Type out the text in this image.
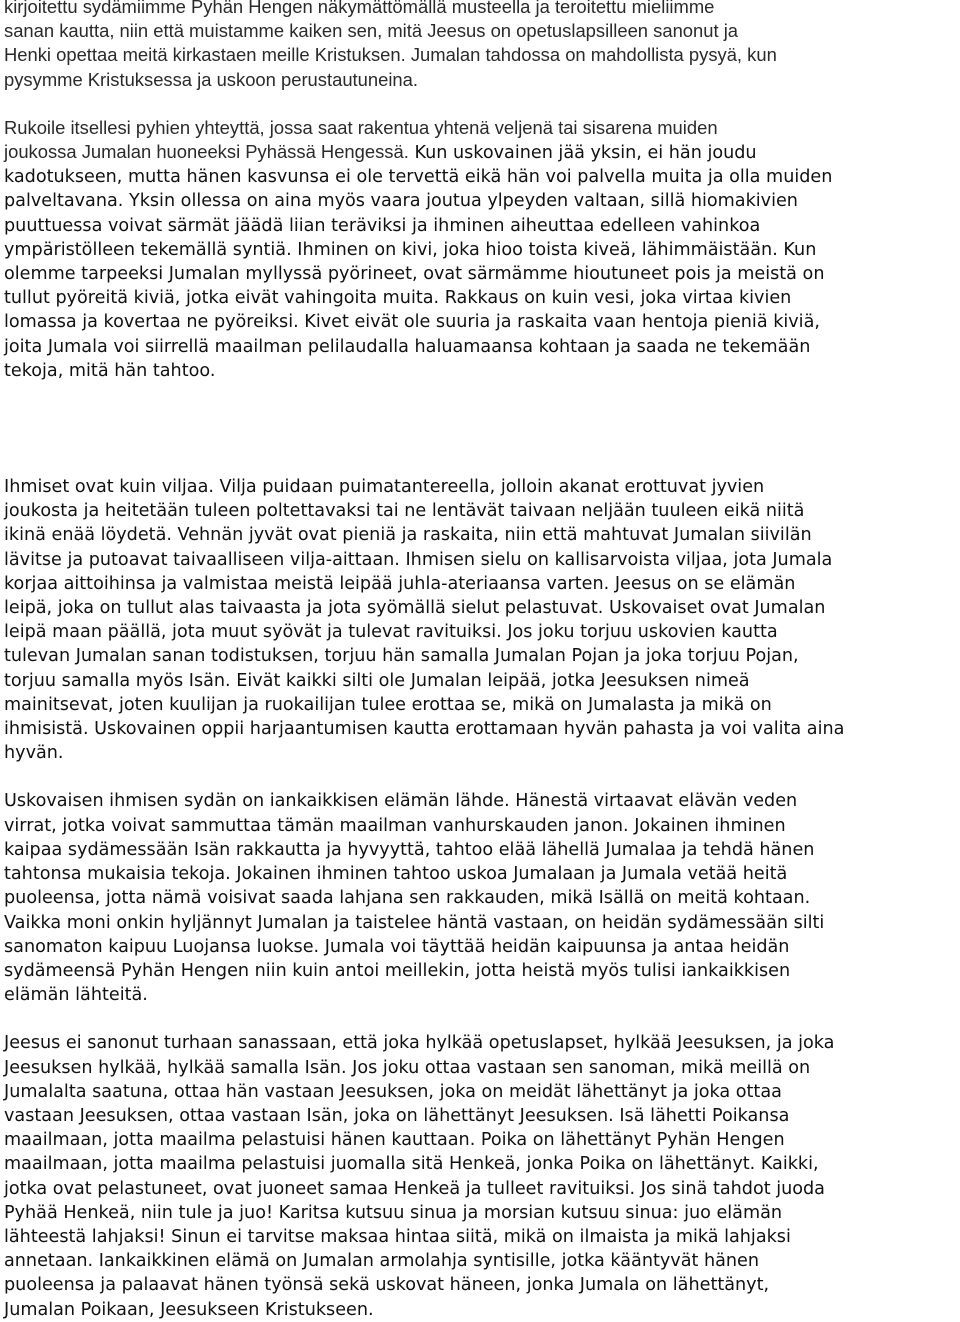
kirjoitettu sydämiimme Pyhän Hengen näkymättömällä musteella ja teroitettu mieliimme
sanan kautta, niin että muistamme kaiken sen, mitä Jeesus on opetuslapsilleen sanonut ja
Henki opettaa meitä kirkastaen meille Kristuksen. Jumalan tahdossa on mahdollista pysyä, kun
pysymme Kristuksessa ja uskoon perustautuneina.

Rukoile itsellesi pyhien yhteyttä, jossa saat rakentua yhtenä veljenä tai sisarena muiden
joukossa Jumalan huoneeksi Pyhässä Hengessä. Kun uskovainen jää yksin, ei hän joudu

kadotukseen, mutta hänen kasvunsa ei ole tervettä eikä hän voi palvella muita ja olla muiden
palveltavana. Yksin ollessa on aina myös vaara joutua ylpeyden valtaan, sillä hiomakivien
puuttuessa voivat särmät jäädä liian teräviksi ja ihminen aiheuttaa edelleen vahinkoa
ympäristölleen tekemällä syntiä. Ihminen on kivi, joka hioo toista kiveä, lähimmäistään. Kun
olemme tarpeeksi Jumalan myllyssä pyörineet, ovat särmämme hioutuneet pois ja meistä on
tullut pyöreitä kiviä, jotka eivät vahingoita muita. Rakkaus on kuin vesi, joka virtaa kivien
lomassa ja kovertaa ne pyöreiksi. Kivet eivät ole suuria ja raskaita vaan hentoja pieniä kiviä,
joita Jumala voi siirrellä maailman pelilaudalla haluamaansa kohtaan ja saada ne tekemään
tekoja, mitä hän tahtoo.

Ihmiset ovat kuin viljaa. Vilja puidaan puimatantereella, jolloin akanat erottuvat jyvien
joukosta ja heitetään tuleen poltettavaksi tai ne lentävät taivaan neljään tuuleen eikä niitä
ikinä enää löydetä. Vehnän jyvät ovat pieniä ja raskaita, niin että mahtuvat Jumalan siivilän
lävitse ja putoavat taivaalliseen vilja-aittaan. Ihmisen sielu on kallisarvoista viljaa, jota Jumala
korjaa aittoihinsa ja valmistaa meistä leipää juhla-ateriaansa varten. Jeesus on se elämän
leipä, joka on tullut alas taivaasta ja jota syömällä sielut pelastuvat. Uskovaiset ovat Jumalan
leipä maan päällä, jota muut syövät ja tulevat ravituiksi. Jos joku torjuu uskovien kautta
tulevan Jumalan sanan todistuksen, torjuu hän samalla Jumalan Pojan ja joka torjuu Pojan,
torjuu samalla myös Isän. Eivät kaikki silti ole Jumalan leipää, jotka Jeesuksen nimeä
mainitsevat, joten kuulijan ja ruokailijan tulee erottaa se, mikä on Jumalasta ja mikä on
ihmisistä. Uskovainen oppii harjaantumisen kautta erottamaan hyvän pahasta ja voi valita aina
hyvän.

Uskovaisen ihmisen sydän on iankaikkisen elämän lähde. Hänestä virtaavat elävän veden
virrat, jotka voivat sammuttaa tämän maailman vanhurskauden janon. Jokainen ihminen
kaipaa sydämessään Isän rakkautta ja hyvyyttä, tahtoo elää lähellä Jumalaa ja tehdä hänen
tahtonsa mukaisia tekoja. Jokainen ihminen tahtoo uskoa Jumalaan ja Jumala vetää heitä
puoleensa, jotta nämä voisivat saada lahjana sen rakkauden, mikä Isällä on meitä kohtaan.
Vaikka moni onkin hyljännyt Jumalan ja taistelee häntä vastaan, on heidän sydämessään silti
sanomaton kaipuu Luojansa luokse. Jumala voi täyttää heidän kaipuunsa ja antaa heidän
sydämeensä Pyhän Hengen niin kuin antoi meillekin, jotta heistä myös tulisi iankaikkisen
elämän lähteitä.

Jeesus ei sanonut turhaan sanassaan, että joka hylkää opetuslapset, hylkää Jeesuksen, ja joka
Jeesuksen hylkää, hylkää samalla Isän. Jos joku ottaa vastaan sen sanoman, mikä meillä on
Jumalalta saatuna, ottaa hän vastaan Jeesuksen, joka on meidät lähettänyt ja joka ottaa
vastaan Jeesuksen, ottaa vastaan Isän, joka on lähettänyt Jeesuksen. Isä lähetti Poikansa
maailmaan, jotta maailma pelastuisi hänen kauttaan. Poika on lähettänyt Pyhän Hengen
maailmaan, jotta maailma pelastuisi juomalla sitä Henkeä, jonka Poika on lähettänyt. Kaikki,
jotka ovat pelastuneet, ovat juoneet samaa Henkeä ja tulleet ravituiksi. Jos sinä tahdot juoda
Pyhää Henkeä, niin tule ja juo! Karitsa kutsuu sinua ja morsian kutsuu sinua: juo elämän
lähteestä lahjaksi! Sinun ei tarvitse maksaa hintaa siitä, mikä on ilmaista ja mikä lahjaksi
annetaan. Iankaikkinen elämä on Jumalan armolahja syntisille, jotka kääntyvät hänen
puoleensa ja palaavat hänen työnsä sekä uskovat häneen, jonka Jumala on lähettänyt,
Jumalan Poikaan, Jeesukseen Kristukseen.
